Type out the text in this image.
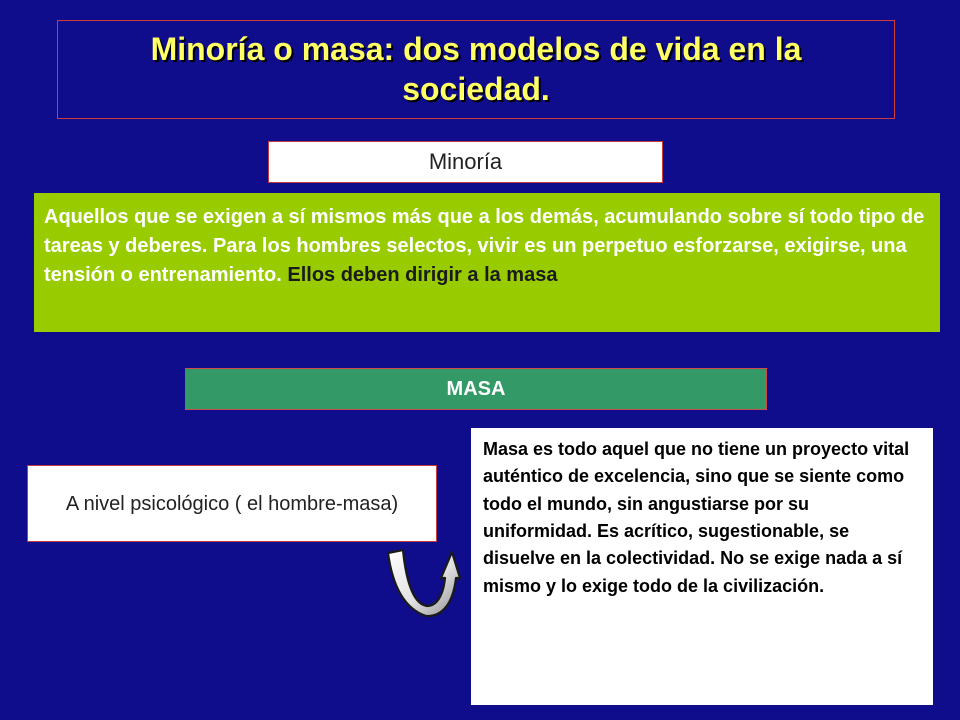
Minoría o masa: dos modelos de vida en la sociedad.
Minoría
Aquellos que se exigen a sí mismos más que a los demás, acumulando sobre sí todo tipo de tareas y deberes. Para los hombres selectos, vivir es un perpetuo esforzarse, exigirse, una tensión o entrenamiento. Ellos deben dirigir a la masa
MASA
A nivel psicológico ( el hombre-masa)
Masa es todo aquel que no tiene un proyecto vital auténtico de excelencia, sino que se siente como todo el mundo, sin angustiarse por su uniformidad. Es acrítico, sugestionable, se disuelve en la colectividad. No se exige nada a sí mismo y lo exige todo de la civilización.
